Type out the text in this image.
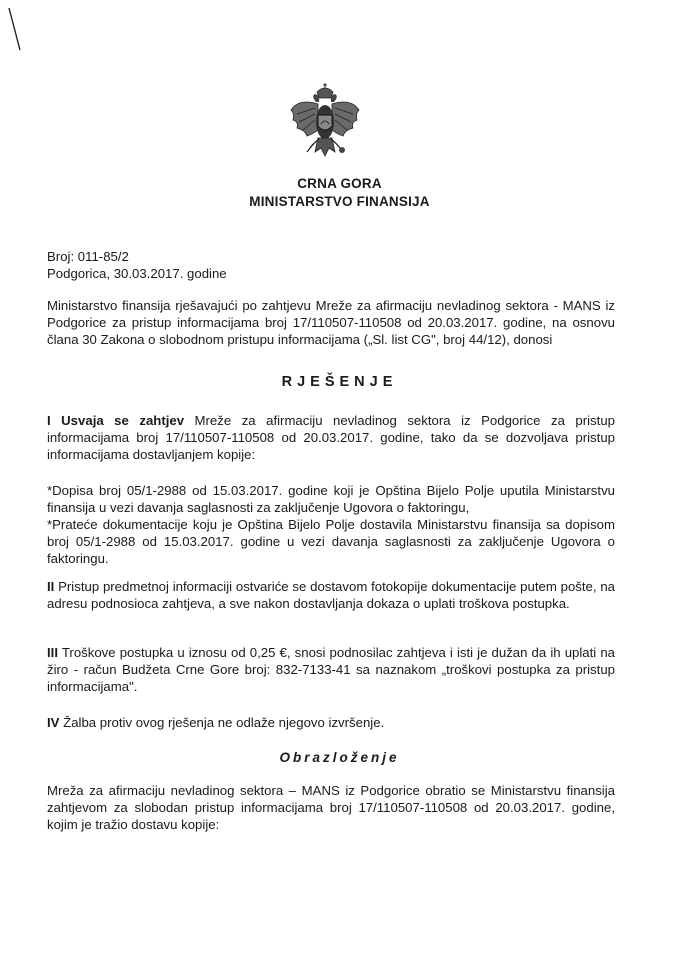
CRNA GORA
MINISTARSTVO FINANSIJA
Broj: 011-85/2
Podgorica, 30.03.2017. godine
Ministarstvo finansija rješavajući po zahtjevu Mreže za afirmaciju nevladinog sektora - MANS iz Podgorice za pristup informacijama broj 17/110507-110508 od 20.03.2017. godine, na osnovu člana 30 Zakona o slobodnom pristupu informacijama („Sl. list CG", broj 44/12), donosi
RJEŠENJE
I Usvaja se zahtjev Mreže za afirmaciju nevladinog sektora iz Podgorice za pristup informacijama broj 17/110507-110508 od 20.03.2017. godine, tako da se dozvoljava pristup informacijama dostavljanjem kopije:
*Dopisa broj 05/1-2988 od 15.03.2017. godine koji je Opština Bijelo Polje uputila Ministarstvu finansija u vezi davanja saglasnosti za zaključenje Ugovora o faktoringu,
*Prateće dokumentacije koju je Opština Bijelo Polje dostavila Ministarstvu finansija sa dopisom broj 05/1-2988 od 15.03.2017. godine u vezi davanja saglasnosti za zaključenje Ugovora o faktoringu.
II Pristup predmetnoj informaciji ostvariće se dostavom fotokopije dokumentacije putem pošte, na adresu podnosioca zahtjeva, a sve nakon dostavljanja dokaza o uplati troškova postupka.
III Troškove postupka u iznosu od 0,25 €, snosi podnosilac zahtjeva i isti je dužan da ih uplati na žiro - račun Budžeta Crne Gore broj: 832-7133-41 sa naznakom „troškovi postupka za pristup informacijama".
IV Žalba protiv ovog rješenja ne odlaže njegovo izvršenje.
Obrazloženje
Mreža za afirmaciju nevladinog sektora – MANS iz Podgorice obratio se Ministarstvu finansija zahtjevom za slobodan pristup informacijama broj 17/110507-110508 od 20.03.2017. godine, kojim je tražio dostavu kopije:
